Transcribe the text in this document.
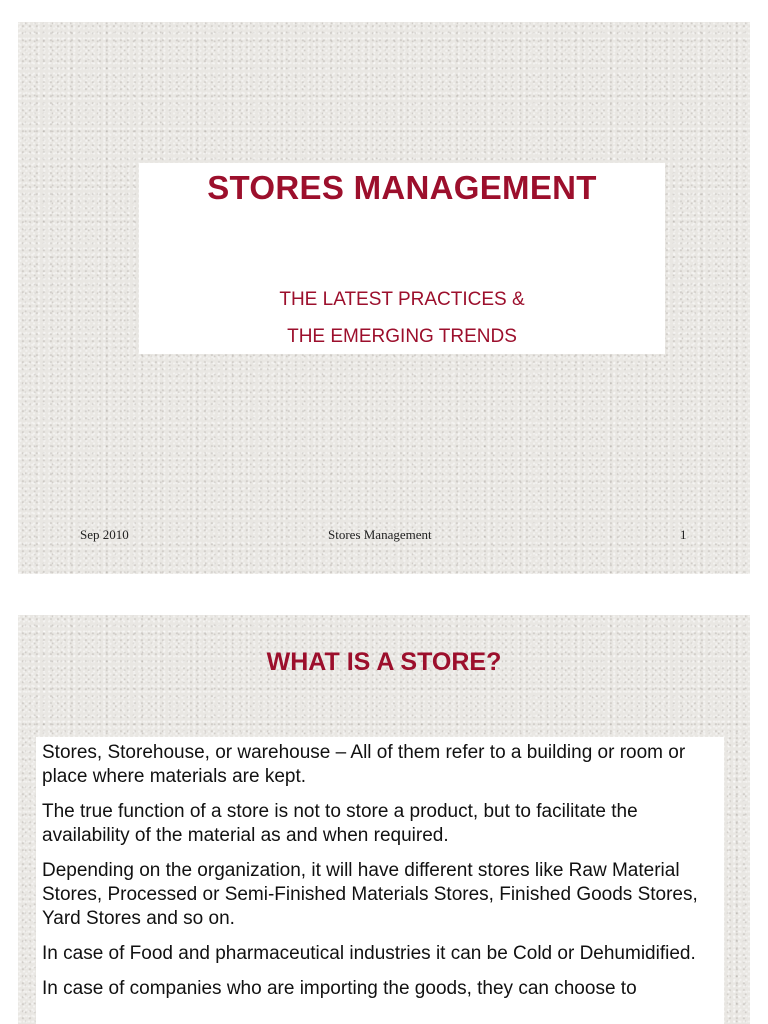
STORES MANAGEMENT
THE LATEST PRACTICES &
THE EMERGING TRENDS
Sep 2010	Stores Management	1
WHAT IS A STORE?

Stores, Storehouse, or warehouse – All of them refer to a building or room or place where materials are kept.

The true function of a store is not to store a product, but to facilitate the availability of the material as and when required.

Depending on the organization, it will have different stores like Raw Material Stores, Processed or Semi-Finished Materials Stores, Finished Goods Stores, Yard Stores and so on.

In case of Food and pharmaceutical industries it can be Cold or Dehumidified.

In case of companies who are importing the goods, they can choose to
